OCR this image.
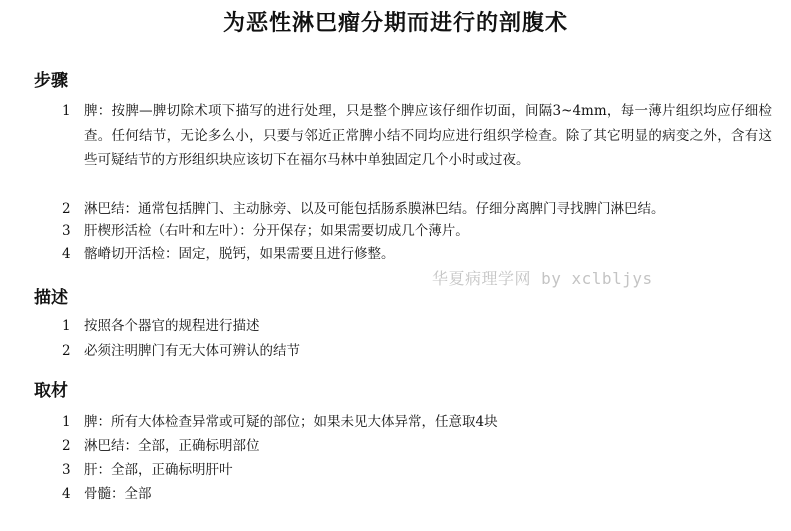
为恶性淋巴瘤分期而进行的剖腹术
步骤
1 脾：按脾—脾切除术项下描写的进行处理，只是整个脾应该仔细作切面，间隔3~4mm，每一薄片组织均应仔细检查。任何结节，无论多么小，只要与邻近正常脾小结不同均应进行组织学检查。除了其它明显的病变之外，含有这些可疑结节的方形组织块应该切下在福尔马林中单独固定几个小时或过夜。
2 淋巴结：通常包括脾门、主动脉旁、以及可能包括肠系膜淋巴结。仔细分离脾门寻找脾门淋巴结。
3 肝楔形活检（右叶和左叶）：分开保存；如果需要切成几个薄片。
4 髂嵴切开活检：固定，脱钙，如果需要且进行修整。
华夏病理学网 by xclbljys
描述
1 按照各个器官的规程进行描述
2 必须注明脾门有无大体可辨认的结节
取材
1 脾：所有大体检查异常或可疑的部位；如果未见大体异常，任意取4块
2 淋巴结：全部，正确标明部位
3 肝：全部，正确标明肝叶
4 骨髓：全部
